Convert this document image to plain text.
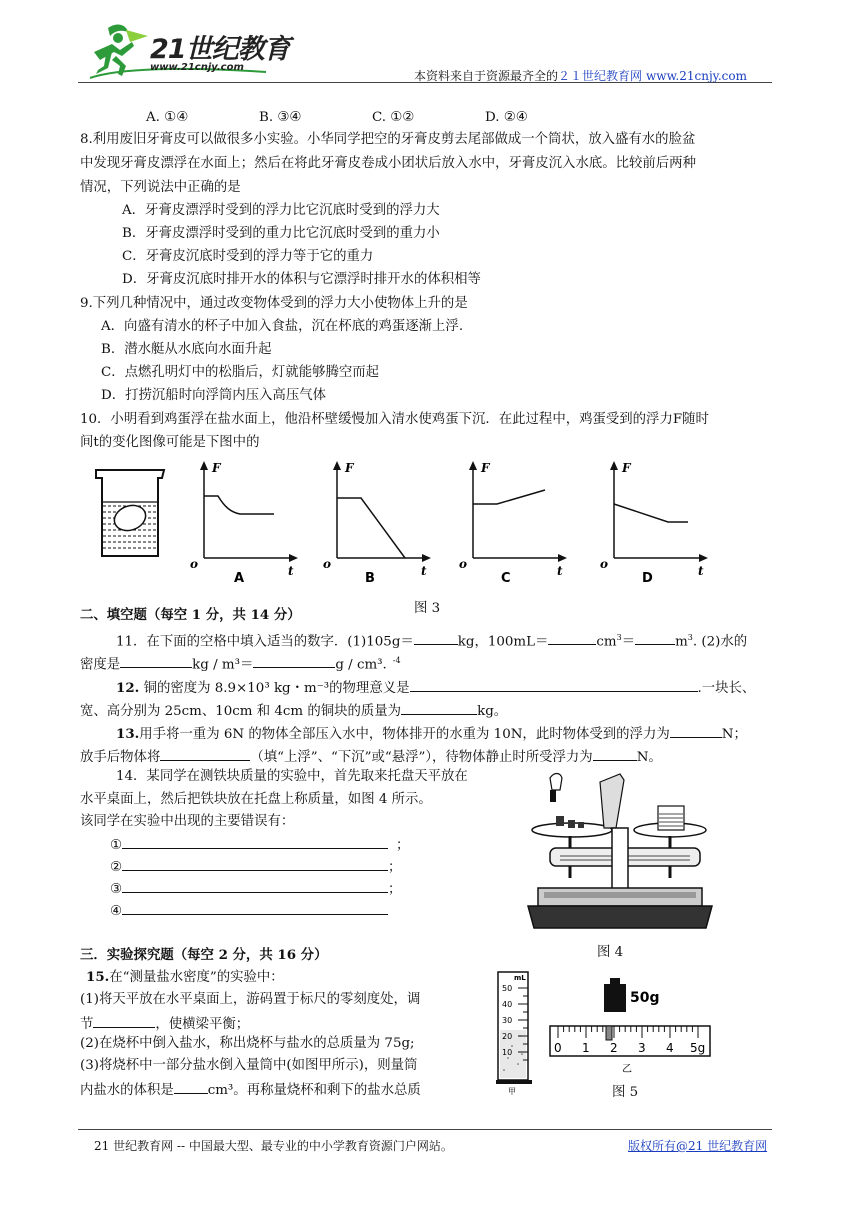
21世纪教育
www.21cnjy.com
本资料来自于资源最齐全的２１世纪教育网 www.21cnjy.com
A. ①④	B. ③④	C. ①②	D. ②④
8.利用废旧牙膏皮可以做很多小实验。小华同学把空的牙膏皮剪去尾部做成一个筒状，放入盛有水的脸盆
中发现牙膏皮漂浮在水面上；然后在将此牙膏皮卷成小团状后放入水中，牙膏皮沉入水底。比较前后两种
情况，下列说法中正确的是
A．牙膏皮漂浮时受到的浮力比它沉底时受到的浮力大
B．牙膏皮漂浮时受到的重力比它沉底时受到的重力小
C．牙膏皮沉底时受到的浮力等于它的重力
D．牙膏皮沉底时排开水的体积与它漂浮时排开水的体积相等
9.下列几种情况中，通过改变物体受到的浮力大小使物体上升的是
A．向盛有清水的杯子中加入食盐，沉在杯底的鸡蛋逐渐上浮.
B．潜水艇从水底向水面升起
C．点燃孔明灯中的松脂后，灯就能够腾空而起
D．打捞沉船时向浮筒内压入高压气体
10．小明看到鸡蛋浮在盐水面上，他沿杯壁缓慢加入清水使鸡蛋下沉．在此过程中，鸡蛋受到的浮力F随时
间t的变化图像可能是下图中的
F
t
o
A
F
t
o
B
F
t
o
C
F
t
o
D
图 3
二、填空题（每空 1 分，共 14 分）
11．在下面的空格中填入适当的数字．(1)105g＝	kg，100mL＝	$cm^3=$	$m^3$. (2)水的
密度是	kg / m³＝	g / cm³. $^{-4}$
12. 铜的密度为 8.9×10³ kg・m⁻³的物理意义是	.一块长、
宽、高分别为 25cm、10cm 和 4cm 的铜块的质量为	kg。
13.用手将一重为 6N 的物体全部压入水中，物体排开的水重为 10N，此时物体受到的浮力为	N；
放手后物体将	（填“上浮”、“下沉”或“悬浮”），待物体静止时所受浮力为	N。
14．某同学在测铁块质量的实验中，首先取来托盘天平放在
水平桌面上，然后把铁块放在托盘上称质量，如图 4 所示。
该同学在实验中出现的主要错误有：
①	；
②	；
③	；
④
图 4
三．实验探究题（每空 2 分，共 16 分）
15.在“测量盐水密度”的实验中：
(1)将天平放在水平桌面上，游码置于标尺的零刻度处，调
节	，使横梁平衡；
(2)在烧杯中倒入盐水，称出烧杯与盐水的总质量为 75g;
(3)将烧杯中一部分盐水倒入量筒中(如图甲所示)，则量筒
内盐水的体积是	cm³。再称量烧杯和剩下的盐水总质
mL
50
40
30
20
10
甲
50g
0 1 2 3 4 5g
乙
图 5
21 世纪教育网 -- 中国最大型、最专业的中小学教育资源门户网站。	版权所有@21 世纪教育网
